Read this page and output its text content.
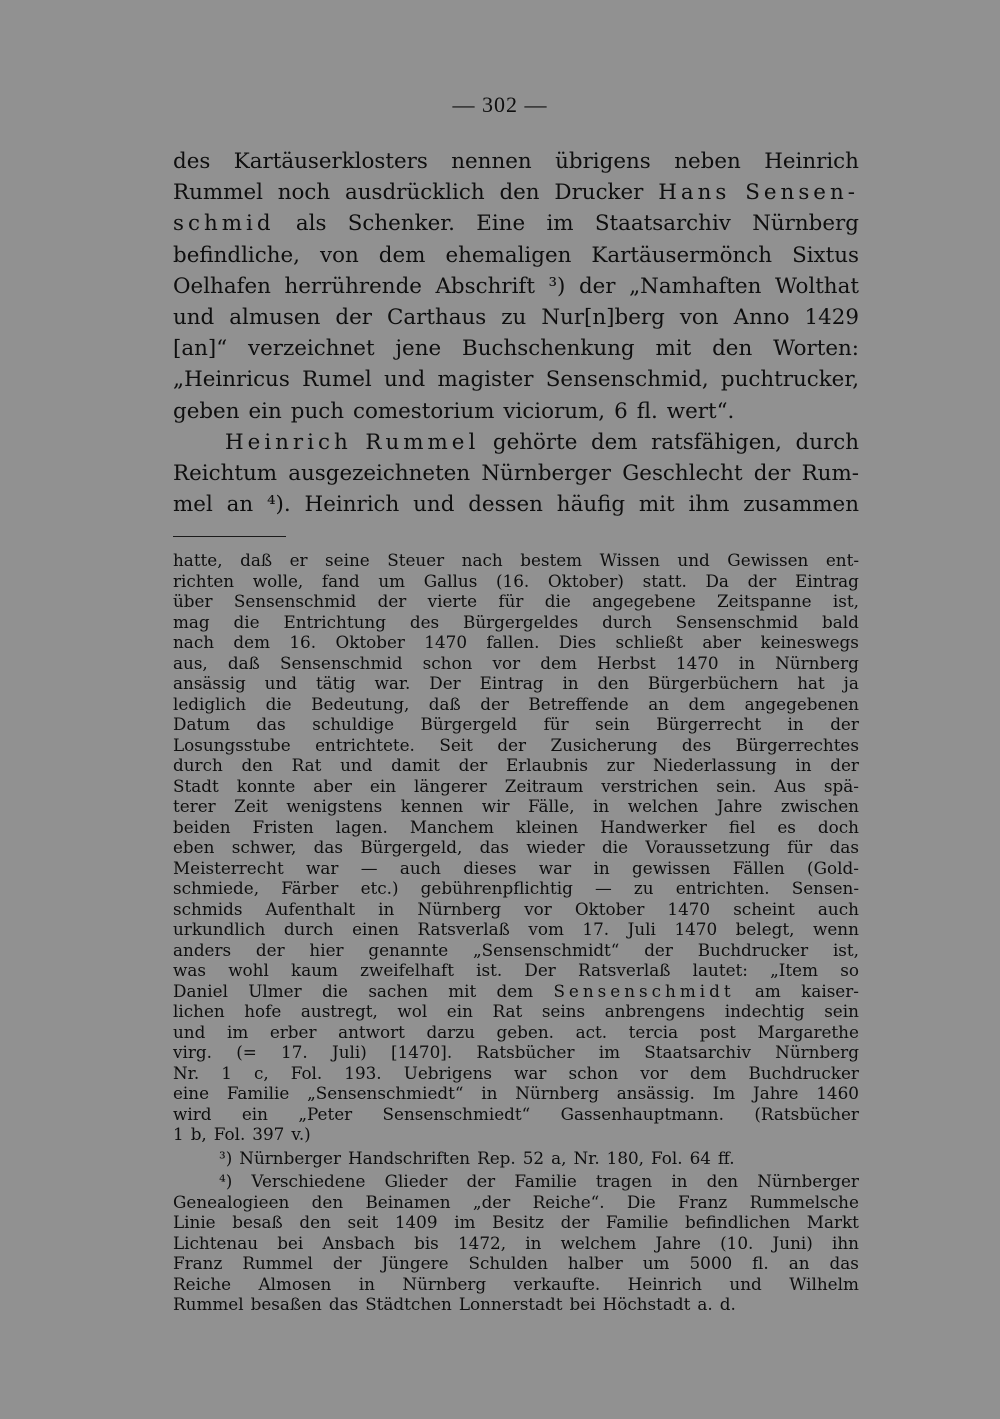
— 302 —
des Kartäuserklosters nennen übrigens neben Heinrich
Rummel noch ausdrücklich den Drucker Hans Sensen-
schmid als Schenker. Eine im Staatsarchiv Nürnberg
befindliche, von dem ehemaligen Kartäusermönch Sixtus
Oelhafen herrührende Abschrift ³) der „Namhaften Wolthat
und almusen der Carthaus zu Nur[n]berg von Anno 1429
[an]“ verzeichnet jene Buchschenkung mit den Worten:
„Heinricus Rumel und magister Sensenschmid, puchtrucker,
geben ein puch comestorium viciorum, 6 fl. wert“.
Heinrich Rummel gehörte dem ratsfähigen, durch
Reichtum ausgezeichneten Nürnberger Geschlecht der Rum-
mel an ⁴). Heinrich und dessen häufig mit ihm zusammen
hatte, daß er seine Steuer nach bestem Wissen und Gewissen ent-
richten wolle, fand um Gallus (16. Oktober) statt. Da der Eintrag
über Sensenschmid der vierte für die angegebene Zeitspanne ist,
mag die Entrichtung des Bürgergeldes durch Sensenschmid bald
nach dem 16. Oktober 1470 fallen. Dies schließt aber keineswegs
aus, daß Sensenschmid schon vor dem Herbst 1470 in Nürnberg
ansässig und tätig war. Der Eintrag in den Bürgerbüchern hat ja
lediglich die Bedeutung, daß der Betreffende an dem angegebenen
Datum das schuldige Bürgergeld für sein Bürgerrecht in der
Losungsstube entrichtete. Seit der Zusicherung des Bürgerrechtes
durch den Rat und damit der Erlaubnis zur Niederlassung in der
Stadt konnte aber ein längerer Zeitraum verstrichen sein. Aus spä-
terer Zeit wenigstens kennen wir Fälle, in welchen Jahre zwischen
beiden Fristen lagen. Manchem kleinen Handwerker fiel es doch
eben schwer, das Bürgergeld, das wieder die Voraussetzung für das
Meisterrecht war — auch dieses war in gewissen Fällen (Gold-
schmiede, Färber etc.) gebührenpflichtig — zu entrichten. Sensen-
schmids Aufenthalt in Nürnberg vor Oktober 1470 scheint auch
urkundlich durch einen Ratsverlaß vom 17. Juli 1470 belegt, wenn
anders der hier genannte „Sensenschmidt“ der Buchdrucker ist,
was wohl kaum zweifelhaft ist. Der Ratsverlaß lautet: „Item so
Daniel Ulmer die sachen mit dem Sensenschmidt am kaiser-
lichen hofe austregt, wol ein Rat seins anbrengens indechtig sein
und im erber antwort darzu geben. act. tercia post Margarethe
virg. (= 17. Juli) [1470]. Ratsbücher im Staatsarchiv Nürnberg
Nr. 1 c, Fol. 193. Uebrigens war schon vor dem Buchdrucker
eine Familie „Sensenschmiedt“ in Nürnberg ansässig. Im Jahre 1460
wird ein „Peter Sensenschmiedt“ Gassenhauptmann. (Ratsbücher
1 b, Fol. 397 v.)
³) Nürnberger Handschriften Rep. 52 a, Nr. 180, Fol. 64 ff.
⁴) Verschiedene Glieder der Familie tragen in den Nürnberger
Genealogieen den Beinamen „der Reiche“. Die Franz Rummelsche
Linie besaß den seit 1409 im Besitz der Familie befindlichen Markt
Lichtenau bei Ansbach bis 1472, in welchem Jahre (10. Juni) ihn
Franz Rummel der Jüngere Schulden halber um 5000 fl. an das
Reiche Almosen in Nürnberg verkaufte. Heinrich und Wilhelm
Rummel besaßen das Städtchen Lonnerstadt bei Höchstadt a. d.
